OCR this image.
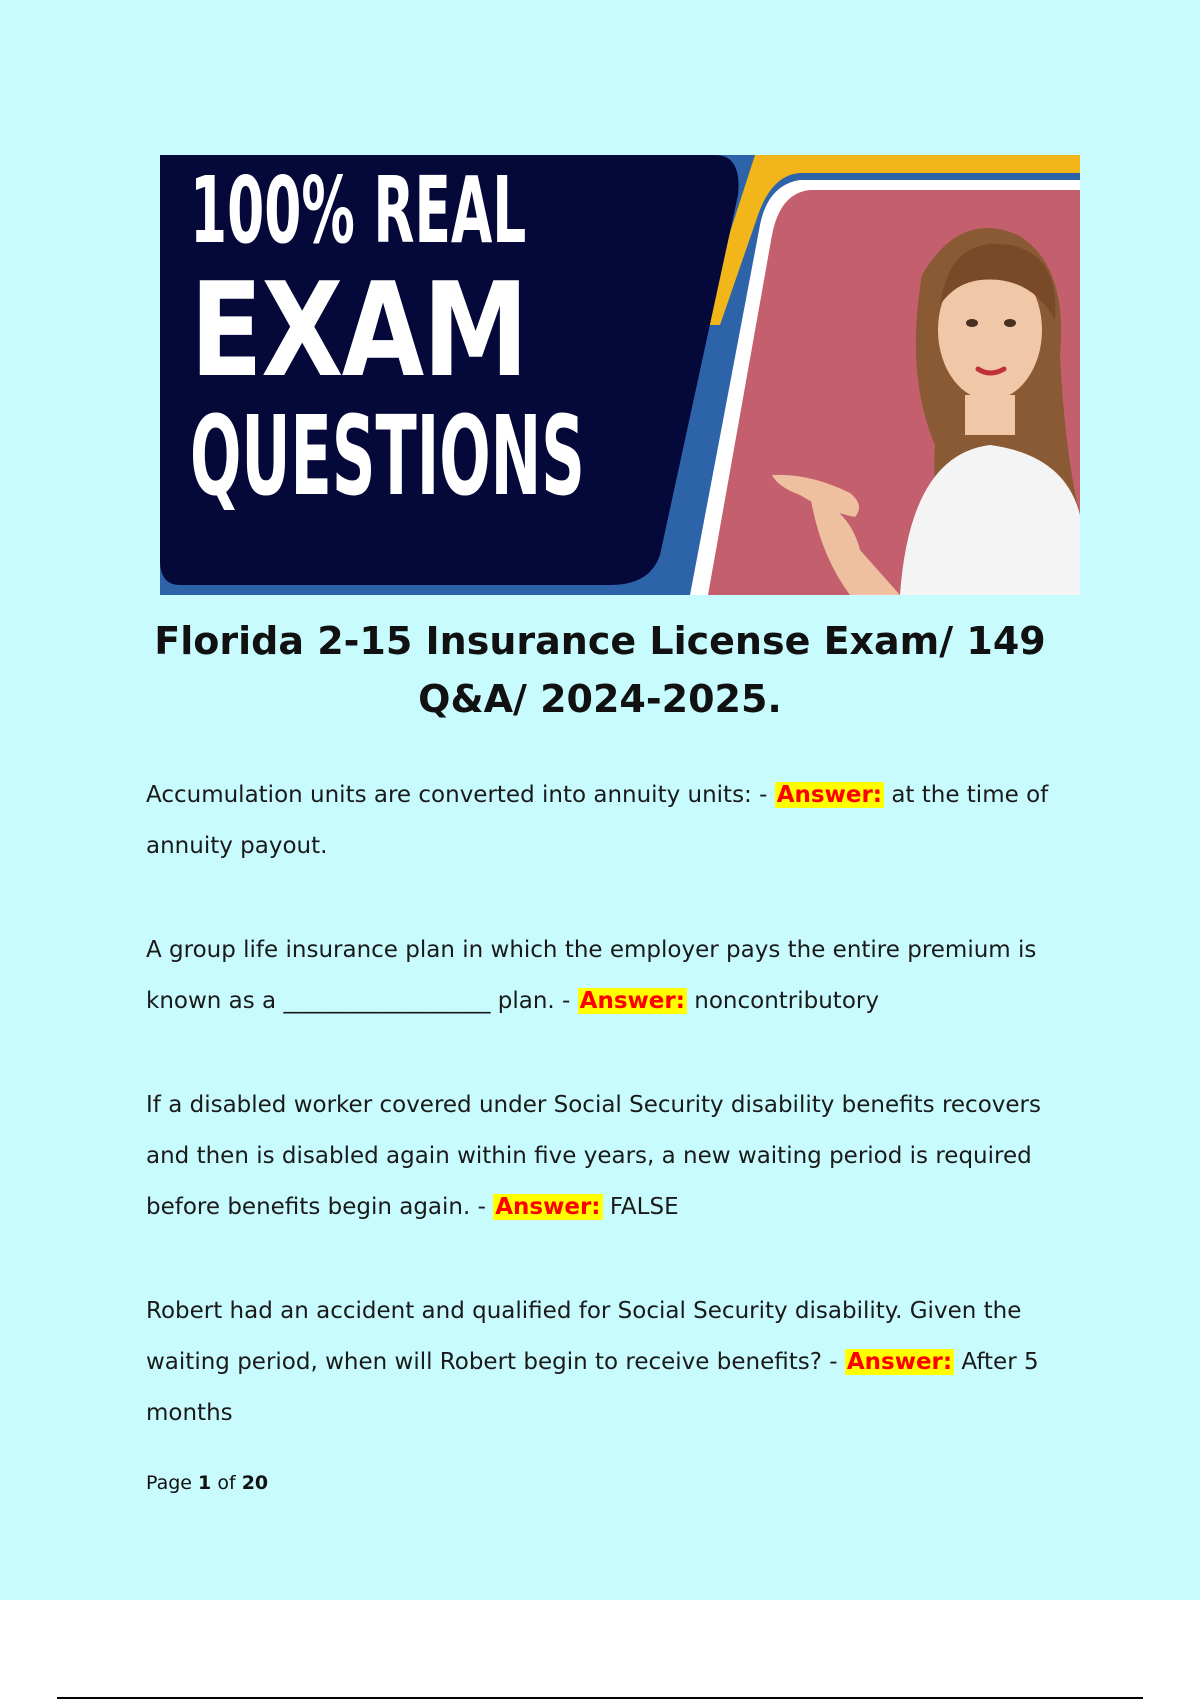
100% REAL
EXAM
QUESTIONS
Florida 2-15 Insurance License Exam/ 149
Q&A/ 2024-2025.

Accumulation units are converted into annuity units: - Answer: at the time of annuity payout.

A group life insurance plan in which the employer pays the entire premium is known as a __________________ plan. - Answer: noncontributory

If a disabled worker covered under Social Security disability benefits recovers and then is disabled again within five years, a new waiting period is required before benefits begin again. - Answer: FALSE

Robert had an accident and qualified for Social Security disability. Given the waiting period, when will Robert begin to receive benefits? - Answer: After 5 months

Page 1 of 20
